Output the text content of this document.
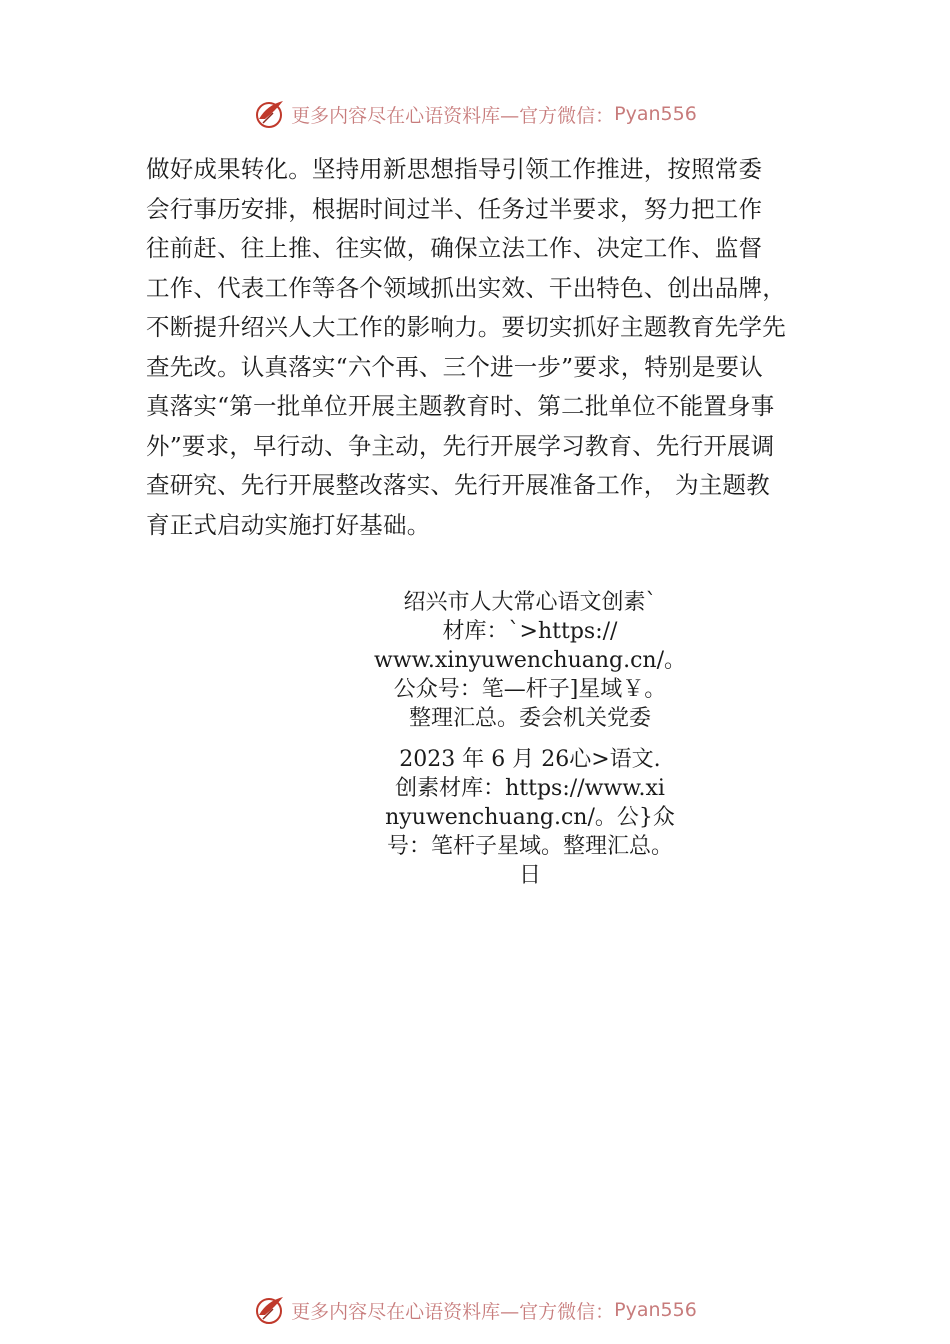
更多内容尽在心语资料库—官方微信： Pyan556
做好成果转化。坚持用新思想指导引领工作推进，按照常委
会行事历安排，根据时间过半、任务过半要求，努力把工作
往前赶、往上推、往实做，确保立法工作、决定工作、监督
工作、代表工作等各个领域抓出实效、干出特色、创出品牌，
不断提升绍兴人大工作的影响力。要切实抓好主题教育先学先
查先改。认真落实“六个再、三个进一步”要求，特别是要认
真落实“第一批单位开展主题教育时、第二批单位不能置身事
外”要求，早行动、争主动，先行开展学习教育、先行开展调
查研究、先行开展整改落实、先行开展准备工作， 为主题教
育正式启动实施打好基础。
绍兴市人大常心语文创素`
材库：`>https://
www.xinyuwenchuang.cn/。
公众号：笔—杆子]星域￥。
整理汇总。委会机关党委
2023 年 6 月 26心>语文.
创素材库：https://www.xi
nyuwenchuang.cn/。公}众
号：笔杆子星域。整理汇总。
日
更多内容尽在心语资料库—官方微信： Pyan556
